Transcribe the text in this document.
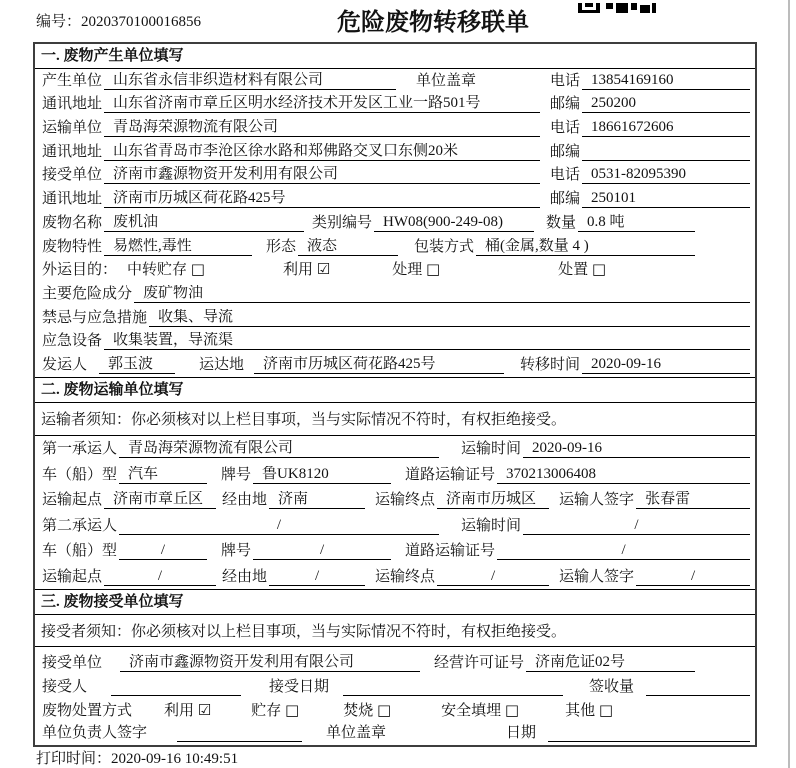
编号：2020370100016856	危险废物转移联单
一. 废物产生单位填写
产生单位 山东省永信非织造材料有限公司	单位盖章	电话 13854169160
通讯地址 山东省济南市章丘区明水经济技术开发区工业一路501号	邮编 250200
运输单位 青岛海荣源物流有限公司	电话 18661672606
通讯地址 山东省青岛市李沧区徐水路和郑佛路交叉口东侧20米	邮编
接受单位 济南市鑫源物资开发利用有限公司	电话 0531-82095390
通讯地址 济南市历城区荷花路425号	邮编 250101
废物名称 废机油	类别编号 HW08(900-249-08)	数量 0.8 吨
废物特性 易燃性,毒性	形态 液态	包装方式 桶(金属,数量 4 )
外运目的： 中转贮存 □	利用 ☑	处理 □	处置 □
主要危险成分 废矿物油
禁忌与应急措施 收集、导流
应急设备 收集装置，导流渠
发运人	郭玉波	运达地	济南市历城区荷花路425号	转移时间 2020-09-16
二. 废物运输单位填写
运输者须知：你必须核对以上栏目事项，当与实际情况不符时，有权拒绝接受。
第一承运人 青岛海荣源物流有限公司	运输时间 2020-09-16
车（船）型 汽车	牌号 鲁UK8120	道路运输证号 370213006408
运输起点 济南市章丘区	经由地 济南	运输终点 济南市历城区	运输人签字 张春雷
第二承运人	/	运输时间	/
车（船）型	/	牌号	/	道路运输证号	/
运输起点	/	经由地	/	运输终点	/	运输人签字	/
三. 废物接受单位填写
接受者须知：你必须核对以上栏目事项，当与实际情况不符时，有权拒绝接受。
接受单位	济南市鑫源物资开发利用有限公司	经营许可证号 济南危证02号
接受人	接受日期	签收量
废物处置方式 利用 ☑	贮存 □	焚烧 □	安全填埋 □	其他 □
单位负责人签字	单位盖章	日期
打印时间：2020-09-16 10:49:51
